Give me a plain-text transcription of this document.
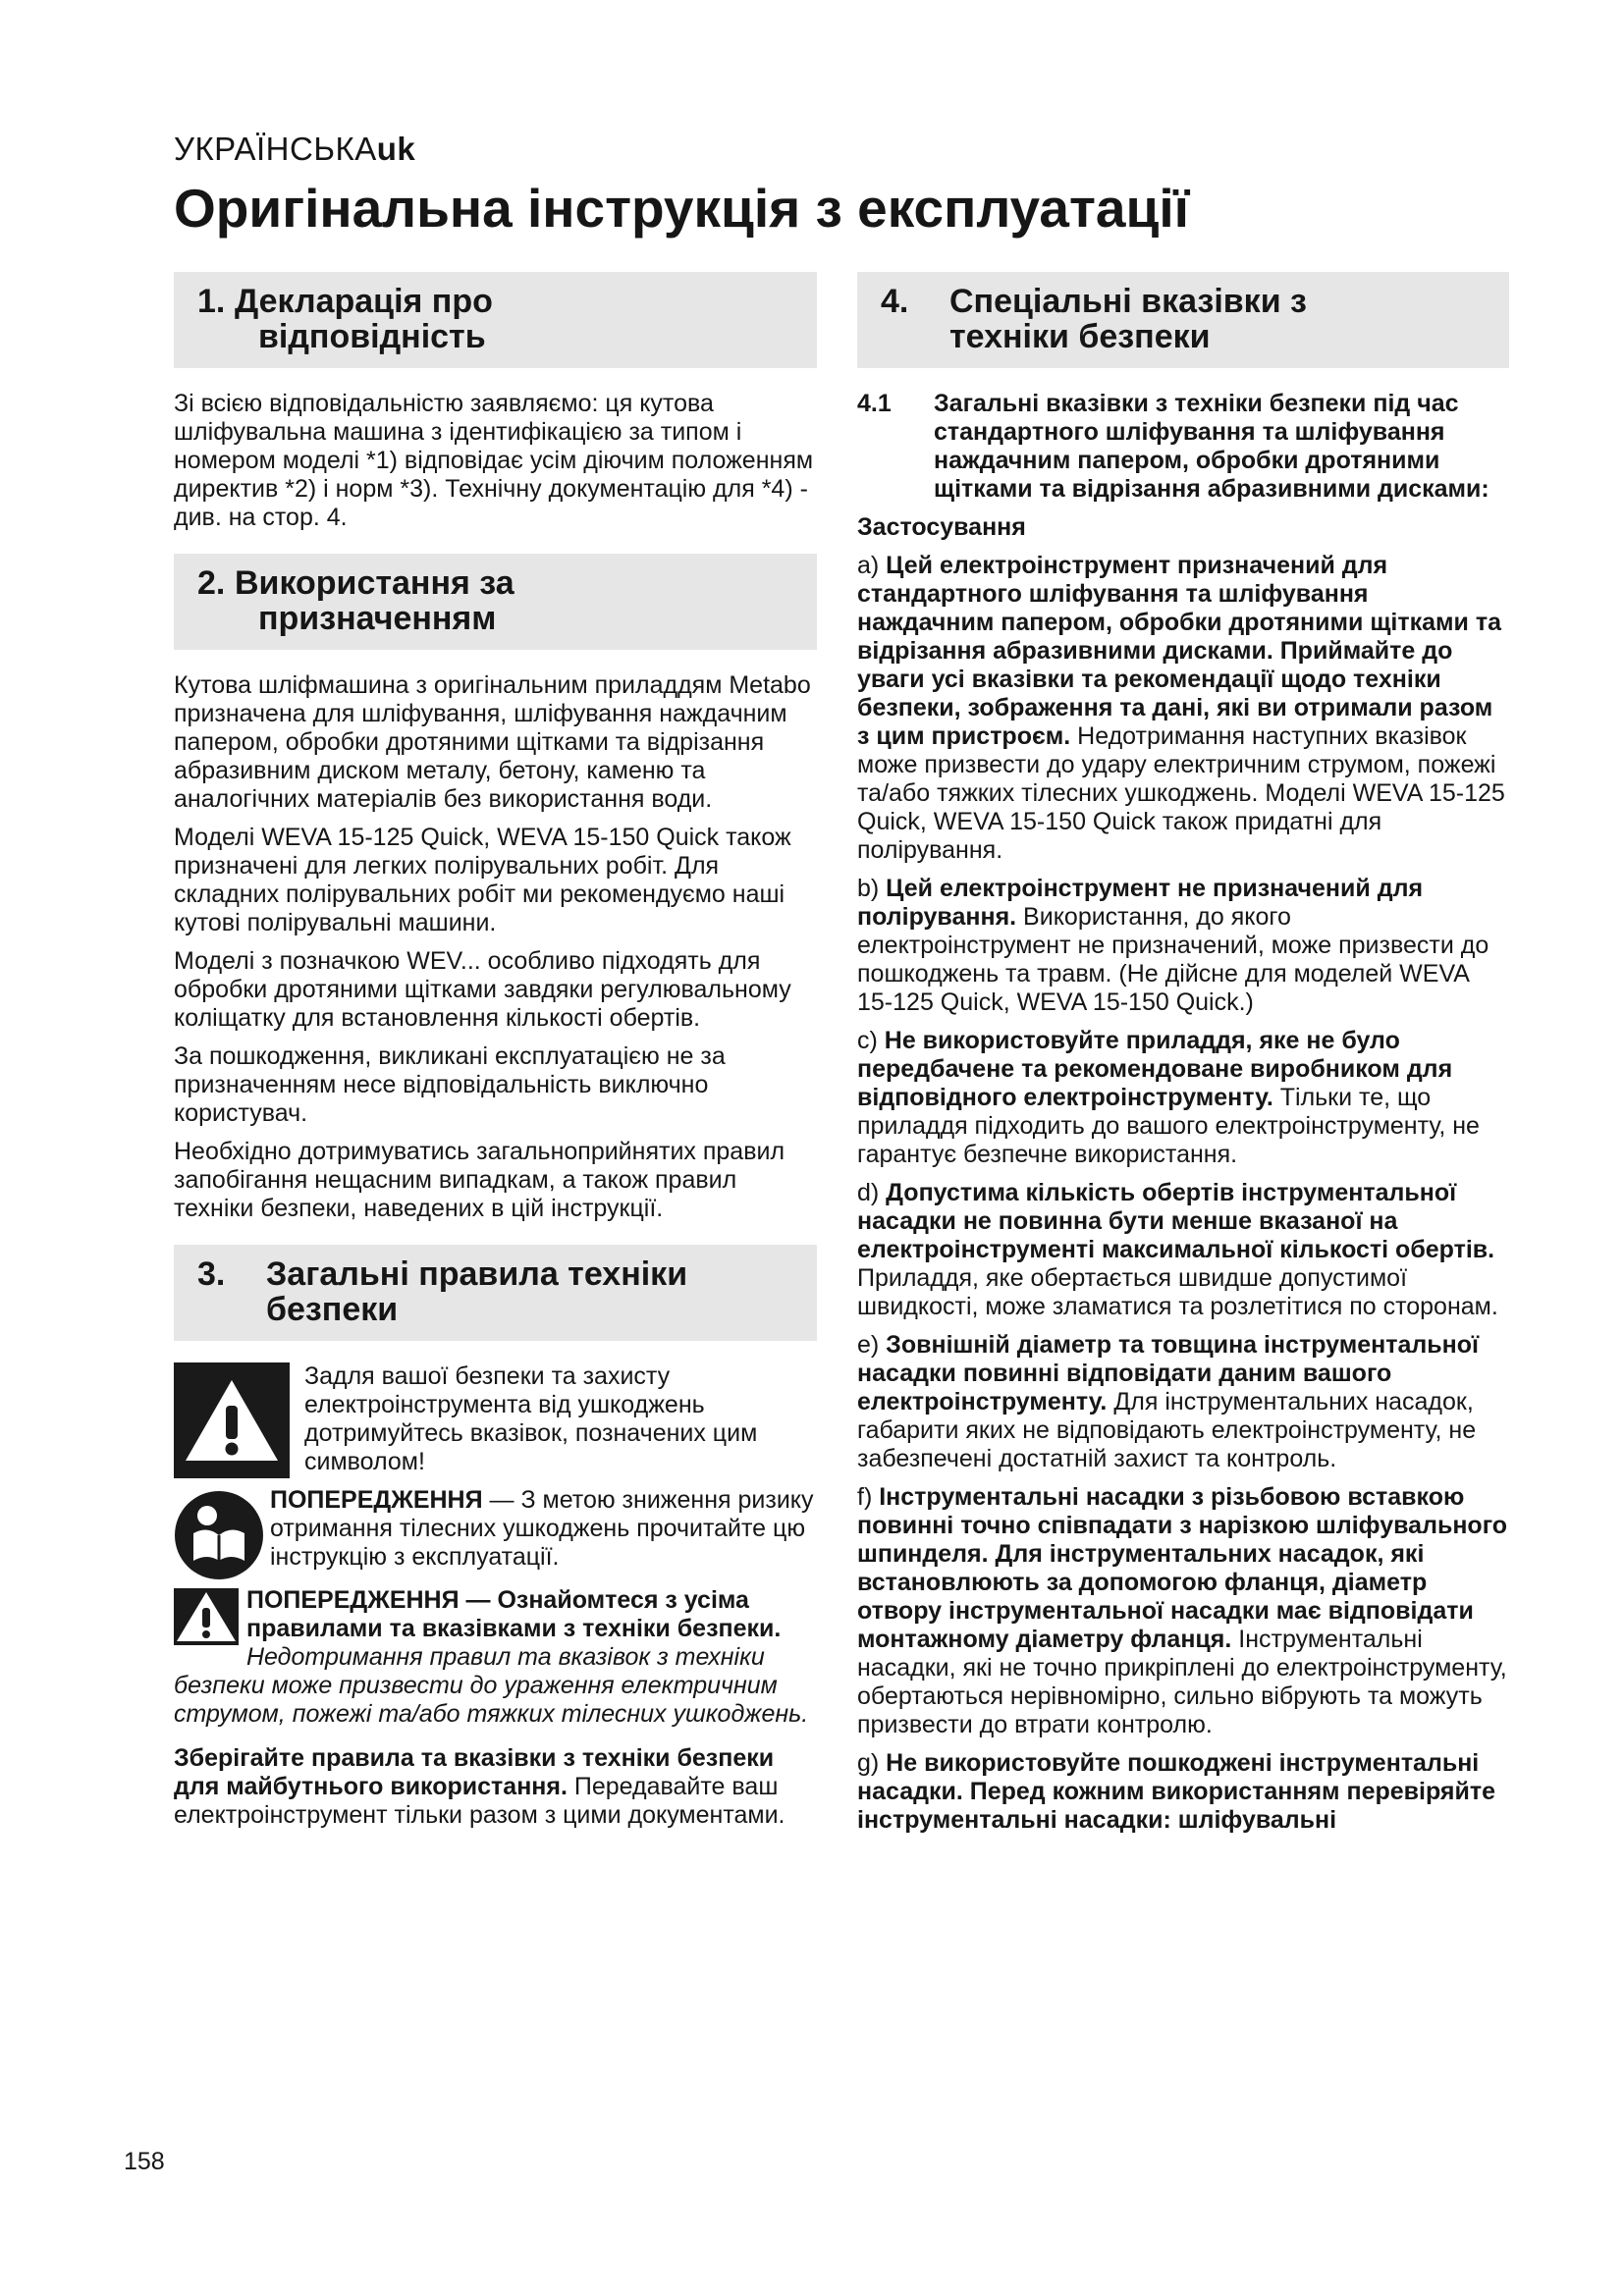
УКРАЇНСЬКАuk
Оригінальна інструкція з експлуатації
1. Декларація про
відповідність

Зі всією відповідальністю заявляємо: ця кутова шліфувальна машина з ідентифікацією за типом і номером моделі *1) відповідає усім діючим положенням директив *2) і норм *3). Технічну документацію для *4) - див. на стор. 4.

2. Використання за
призначенням

Кутова шліфмашина з оригінальним приладдям Metabo призначена для шліфування, шліфування наждачним папером, обробки дротяними щітками та відрізання абразивним диском металу, бетону, каменю та аналогічних матеріалів без використання води.

Моделі WEVA 15-125 Quick, WEVA 15-150 Quick також призначені для легких полірувальних робіт. Для складних полірувальних робіт ми рекомендуємо наші кутові полірувальні машини.

Моделі з позначкою WEV... особливо підходять для обробки дротяними щітками завдяки регулювальному коліщатку для встановлення кількості обертів.

За пошкодження, викликані експлуатацією не за призначенням несе відповідальність виключно користувач.

Необхідно дотримуватись загальноприйнятих правил запобігання нещасним випадкам, а також правил техніки безпеки, наведених в цій інструкції.

3. Загальні правила техніки
безпеки

Задля вашої безпеки та захисту електроінструмента від ушкоджень дотримуйтесь вказівок, позначених цим символом!

ПОПЕРЕДЖЕННЯ — З метою зниження ризику отримання тілесних ушкоджень прочитайте цю інструкцію з експлуатації.

ПОПЕРЕДЖЕННЯ — Ознайомтеся з усіма правилами та вказівками з техніки безпеки. Недотримання правил та вказівок з техніки безпеки може призвести до ураження електричним струмом, пожежі та/або тяжких тілесних ушкоджень.

Зберігайте правила та вказівки з техніки безпеки для майбутнього використання. Передавайте ваш електроінструмент тільки разом з цими документами.

4. Спеціальні вказівки з
техніки безпеки
4.1	Загальні вказівки з техніки безпеки під час стандартного шліфування та шліфування наждачним папером, обробки дротяними щітками та відрізання абразивними дисками:

Застосування

a) Цей електроінструмент призначений для стандартного шліфування та шліфування наждачним папером, обробки дротяними щітками та відрізання абразивними дисками. Приймайте до уваги усі вказівки та рекомендації щодо техніки безпеки, зображення та дані, які ви отримали разом з цим пристроєм. Недотримання наступних вказівок може призвести до удару електричним струмом, пожежі та/або тяжких тілесних ушкоджень. Моделі WEVA 15-125 Quick, WEVA 15-150 Quick також придатні для полірування.

b) Цей електроінструмент не призначений для полірування. Використання, до якого електроінструмент не призначений, може призвести до пошкоджень та травм. (Не дійсне для моделей WEVA 15-125 Quick, WEVA 15-150 Quick.)

c) Не використовуйте приладдя, яке не було передбачене та рекомендоване виробником для відповідного електроінструменту. Тільки те, що приладдя підходить до вашого електроінструменту, не гарантує безпечне використання.

d) Допустима кількість обертів інструментальної насадки не повинна бути менше вказаної на електроінструменті максимальної кількості обертів. Приладдя, яке обертається швидше допустимої швидкості, може зламатися та розлетітися по сторонам.

e) Зовнішній діаметр та товщина інструментальної насадки повинні відповідати даним вашого електроінструменту. Для інструментальних насадок, габарити яких не відповідають електроінструменту, не забезпечені достатній захист та контроль.

f) Інструментальні насадки з різьбовою вставкою повинні точно співпадати з нарізкою шліфувального шпинделя. Для інструментальних насадок, які встановлюють за допомогою фланця, діаметр отвору інструментальної насадки має відповідати монтажному діаметру фланця. Інструментальні насадки, які не точно прикріплені до електроінструменту, обертаються нерівномірно, сильно вібрують та можуть призвести до втрати контролю.

g) Не використовуйте пошкоджені інструментальні насадки. Перед кожним використанням перевіряйте інструментальні насадки: шліфувальні

158
